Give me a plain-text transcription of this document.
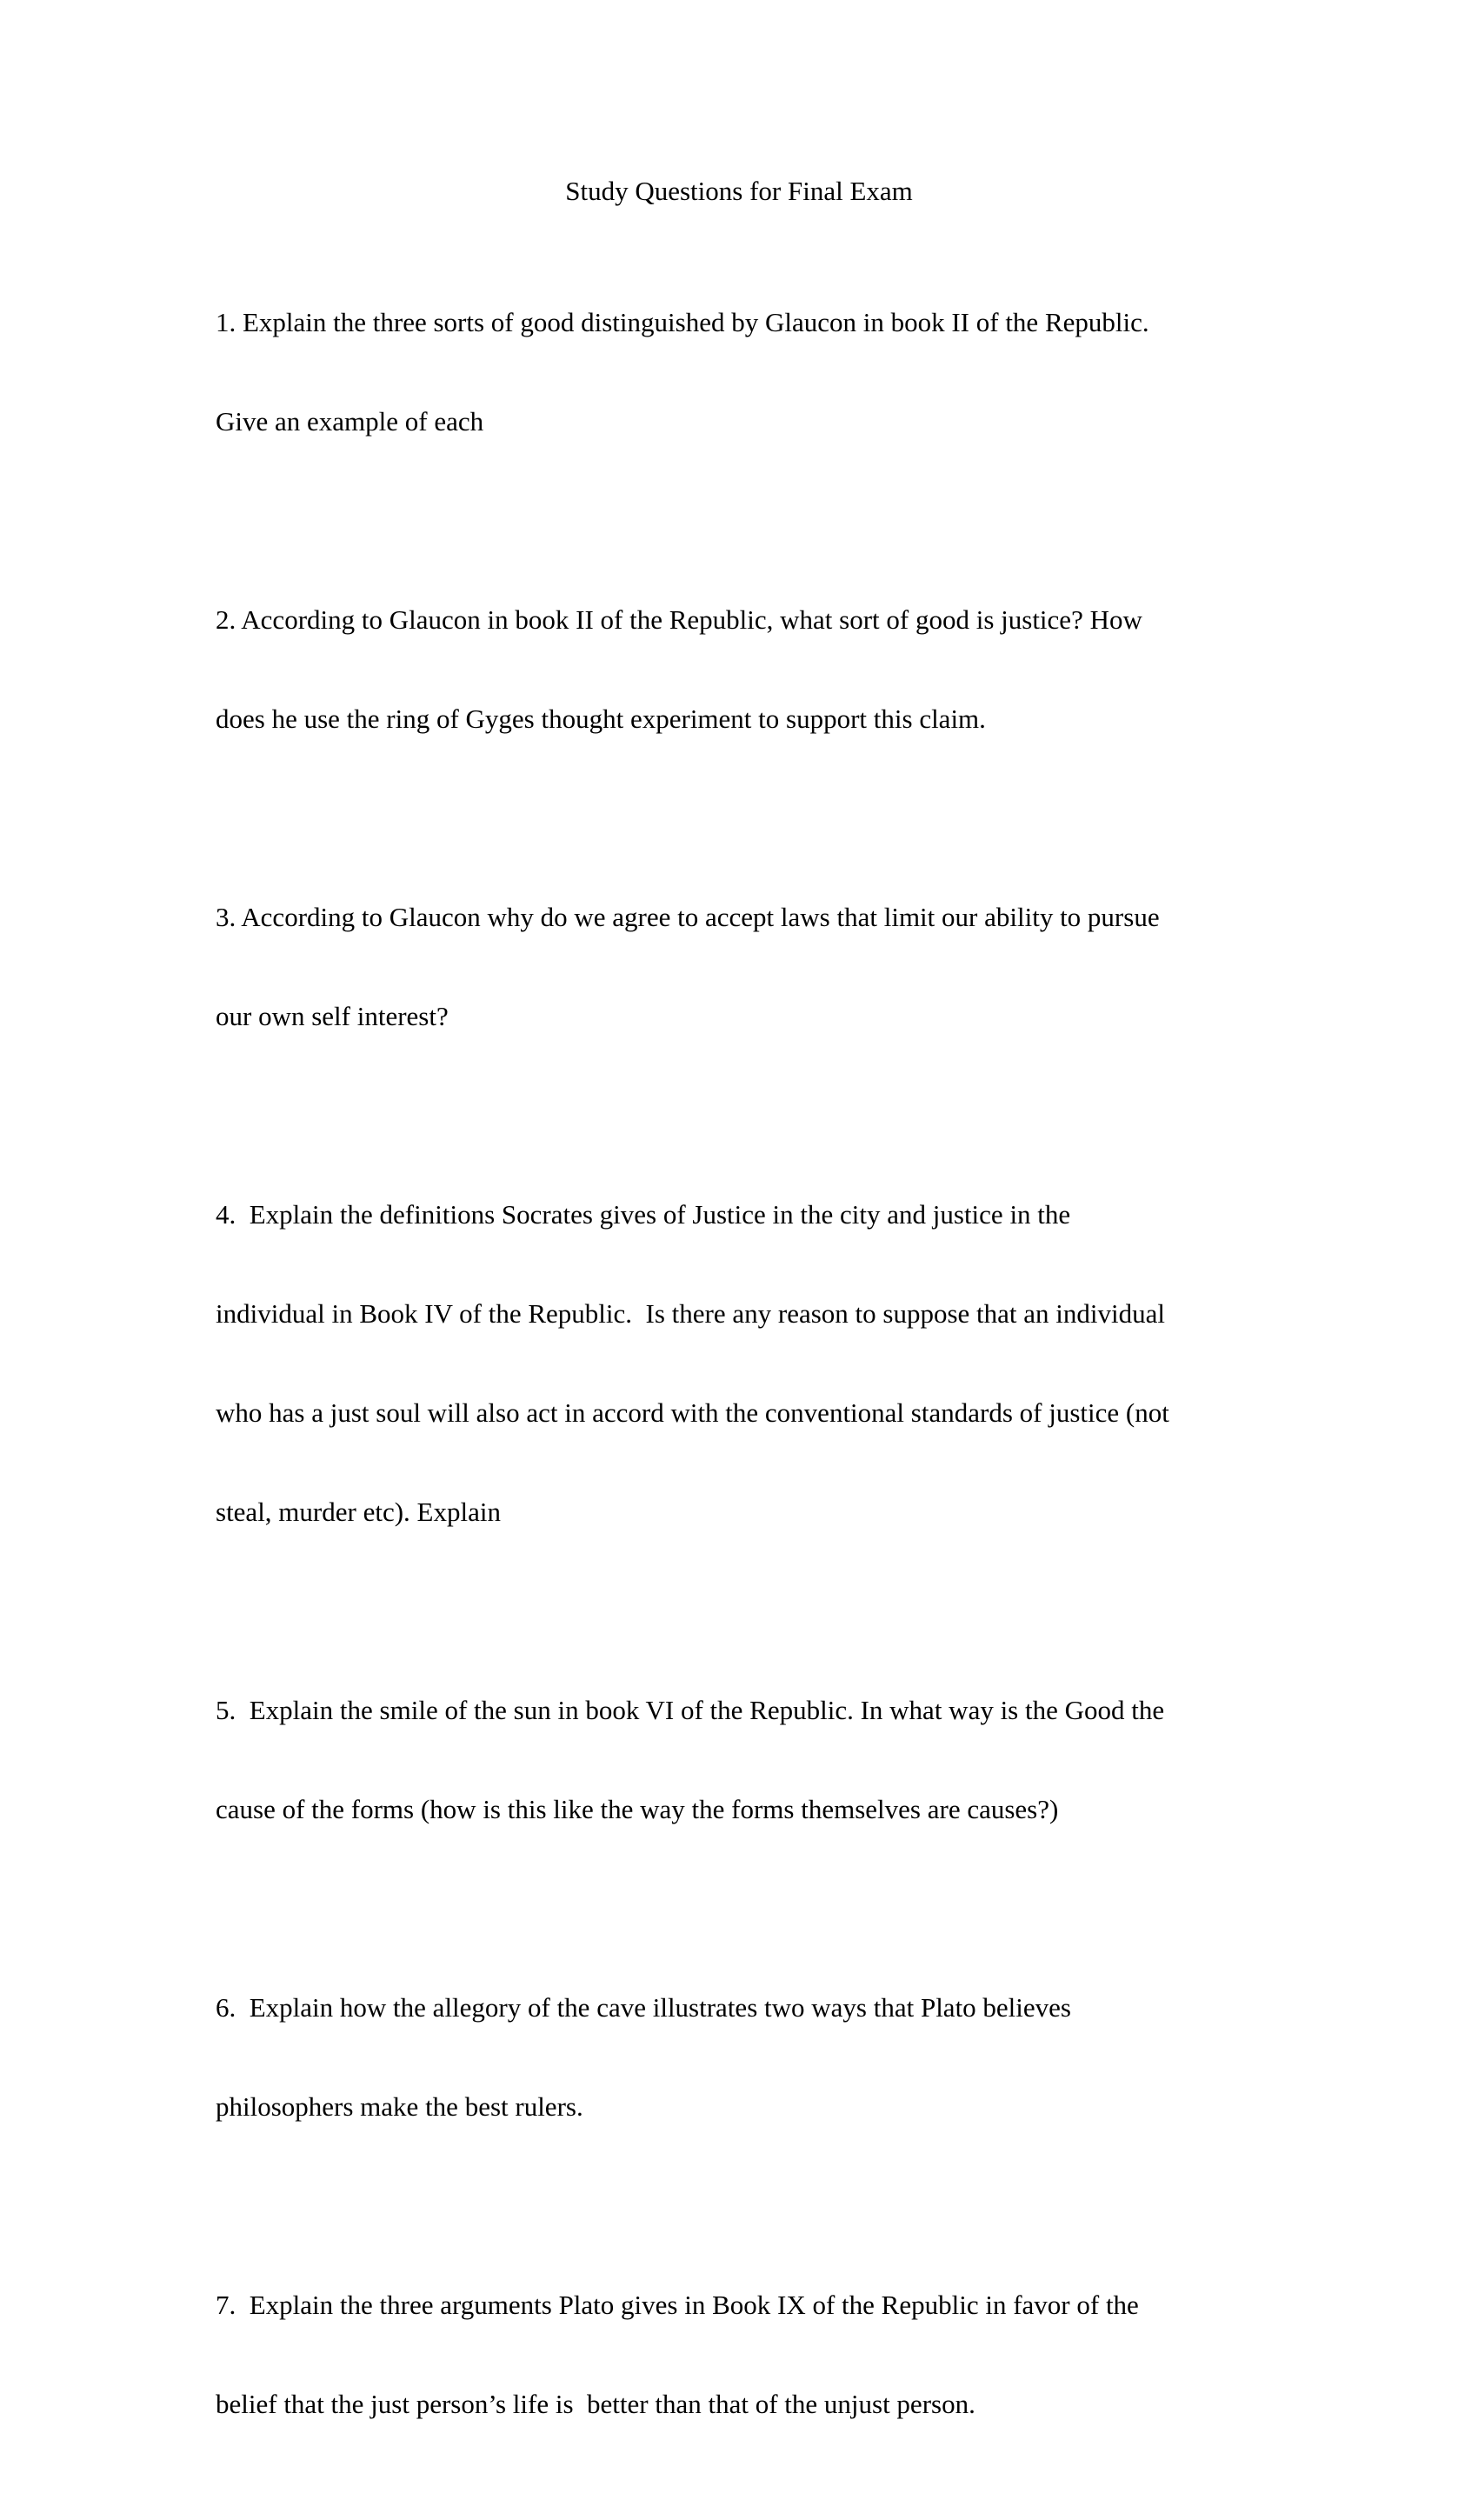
Study Questions for Final Exam

1. Explain the three sorts of good distinguished by Glaucon in book II of the Republic.

Give an example of each

2. According to Glaucon in book II of the Republic, what sort of good is justice? How

does he use the ring of Gyges thought experiment to support this claim.

3. According to Glaucon why do we agree to accept laws that limit our ability to pursue

our own self interest?

4.  Explain the definitions Socrates gives of Justice in the city and justice in the

individual in Book IV of the Republic.  Is there any reason to suppose that an individual

who has a just soul will also act in accord with the conventional standards of justice (not

steal, murder etc). Explain

5.  Explain the smile of the sun in book VI of the Republic. In what way is the Good the

cause of the forms (how is this like the way the forms themselves are causes?)

6.  Explain how the allegory of the cave illustrates two ways that Plato believes

philosophers make the best rulers.

7.  Explain the three arguments Plato gives in Book IX of the Republic in favor of the

belief that the just person’s life is  better than that of the unjust person.
